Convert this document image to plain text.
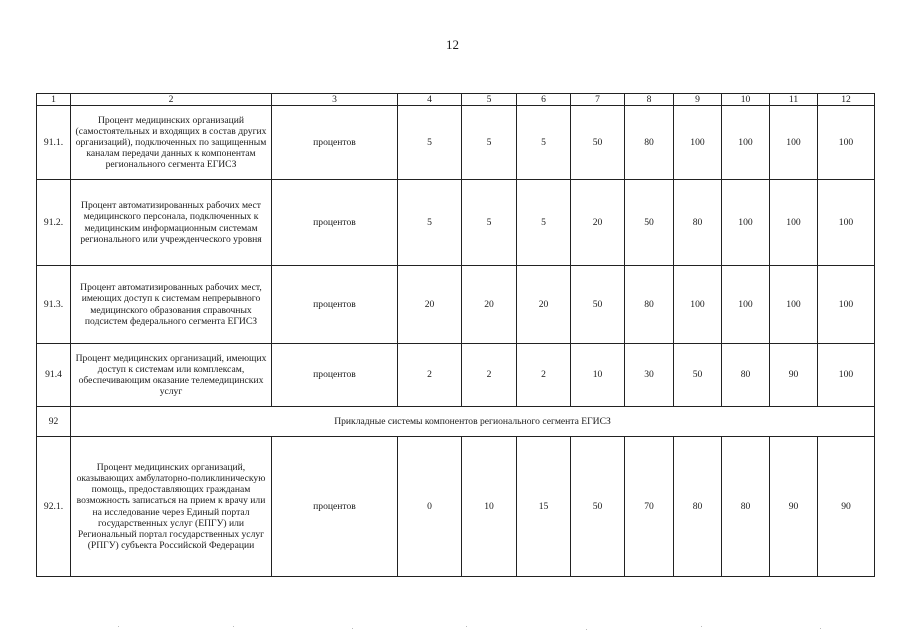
12
1	2	3	4	5	6	7	8	9	10	11	12
91.1.	Процент медицинских организаций (самостоятельных и входящих в состав других организаций), подключенных по защищенным каналам передачи данных к компонентам регионального сегмента ЕГИСЗ	процентов	5	5	5	50	80	100	100	100	100
91.2.	Процент автоматизированных рабочих мест медицинского персонала, подключенных к медицинским информационным системам регионального или учрежденческого уровня	процентов	5	5	5	20	50	80	100	100	100
91.3.	Процент автоматизированных рабочих мест, имеющих доступ к системам непрерывного медицинского образования справочных подсистем федерального сегмента ЕГИСЗ	процентов	20	20	20	50	80	100	100	100	100
91.4	Процент медицинских организаций, имеющих доступ к системам или комплексам, обеспечивающим оказание телемедицинских услуг	процентов	2	2	2	10	30	50	80	90	100
92	Прикладные системы компонентов регионального сегмента ЕГИСЗ										
92.1.	Процент медицинских организаций, оказывающих амбулаторно-поликлиническую помощь, предоставляющих гражданам возможность записаться на прием к врачу или на исследование через Единый портал государственных услуг (ЕПГУ) или Региональный портал государственных услуг (РПГУ) субъекта Российской Федерации	процентов	0	10	15	50	70	80	80	90	90
